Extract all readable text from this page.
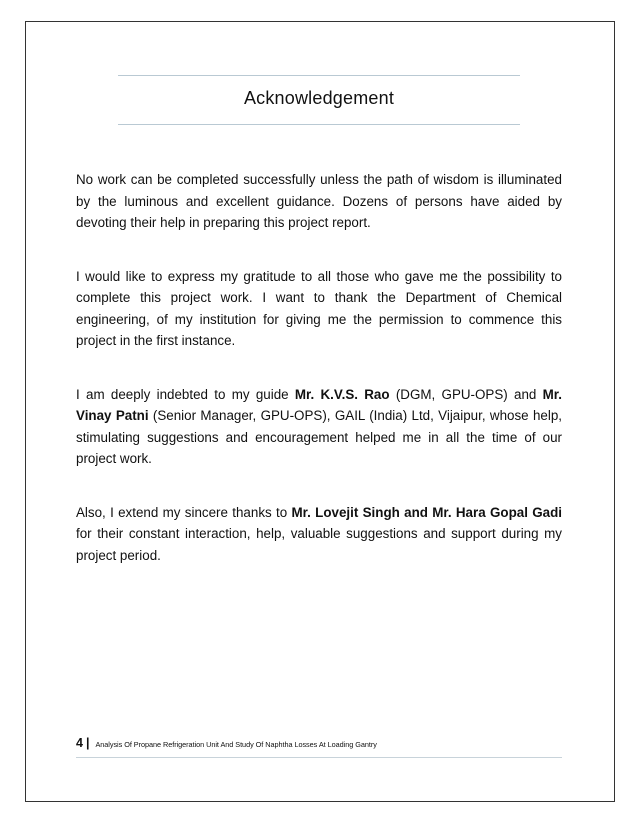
Acknowledgement

No work can be completed successfully unless the path of wisdom is illuminated by the luminous and excellent guidance. Dozens of persons have aided by devoting their help in preparing this project report.

I would like to express my gratitude to all those who gave me the possibility to complete this project work. I want to thank the Department of Chemical engineering, of my institution for giving me the permission to commence this project in the first instance.

I am deeply indebted to my guide Mr. K.V.S. Rao (DGM, GPU-OPS) and Mr. Vinay Patni (Senior Manager, GPU-OPS), GAIL (India) Ltd, Vijaipur, whose help, stimulating suggestions and encouragement helped me in all the time of our project work.

Also, I extend my sincere thanks to Mr. Lovejit Singh and Mr. Hara Gopal Gadi for their constant interaction, help, valuable suggestions and support during my project period.

4 | Analysis Of Propane Refrigeration Unit And Study Of Naphtha Losses At Loading Gantry
